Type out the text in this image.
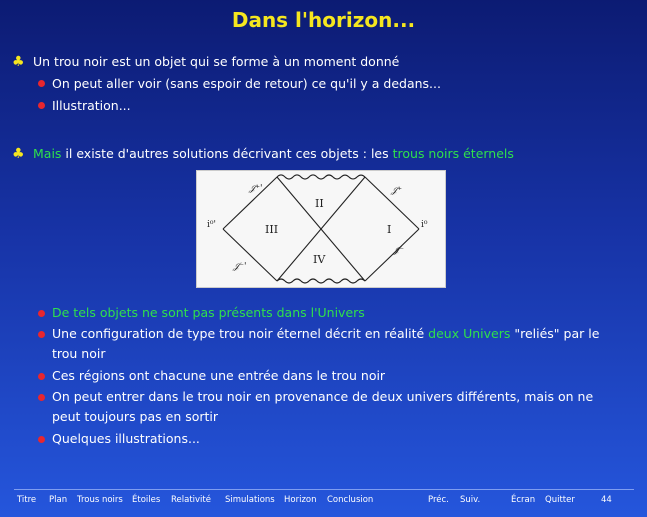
Dans l'horizon...
♣ Un trou noir est un objet qui se forme à un moment donné
On peut aller voir (sans espoir de retour) ce qu'il y a dedans...
Illustration...
♣ Mais il existe d'autres solutions décrivant ces objets : les trous noirs éternels
I
II
III
IV
𝒥⁺'
𝒥⁻'
𝒥⁺
𝒥⁻
i⁰'	i⁰
De tels objets ne sont pas présents dans l'Univers
Une configuration de type trou noir éternel décrit en réalité deux Univers "reliés" par le
trou noir
Ces régions ont chacune une entrée dans le trou noir
On peut entrer dans le trou noir en provenance de deux univers différents, mais on ne
peut toujours pas en sortir
Quelques illustrations...
Titre Plan Trous noirs Étoiles Relativité Simulations Horizon Conclusion	Préc. Suiv.	Écran Quitter	44
